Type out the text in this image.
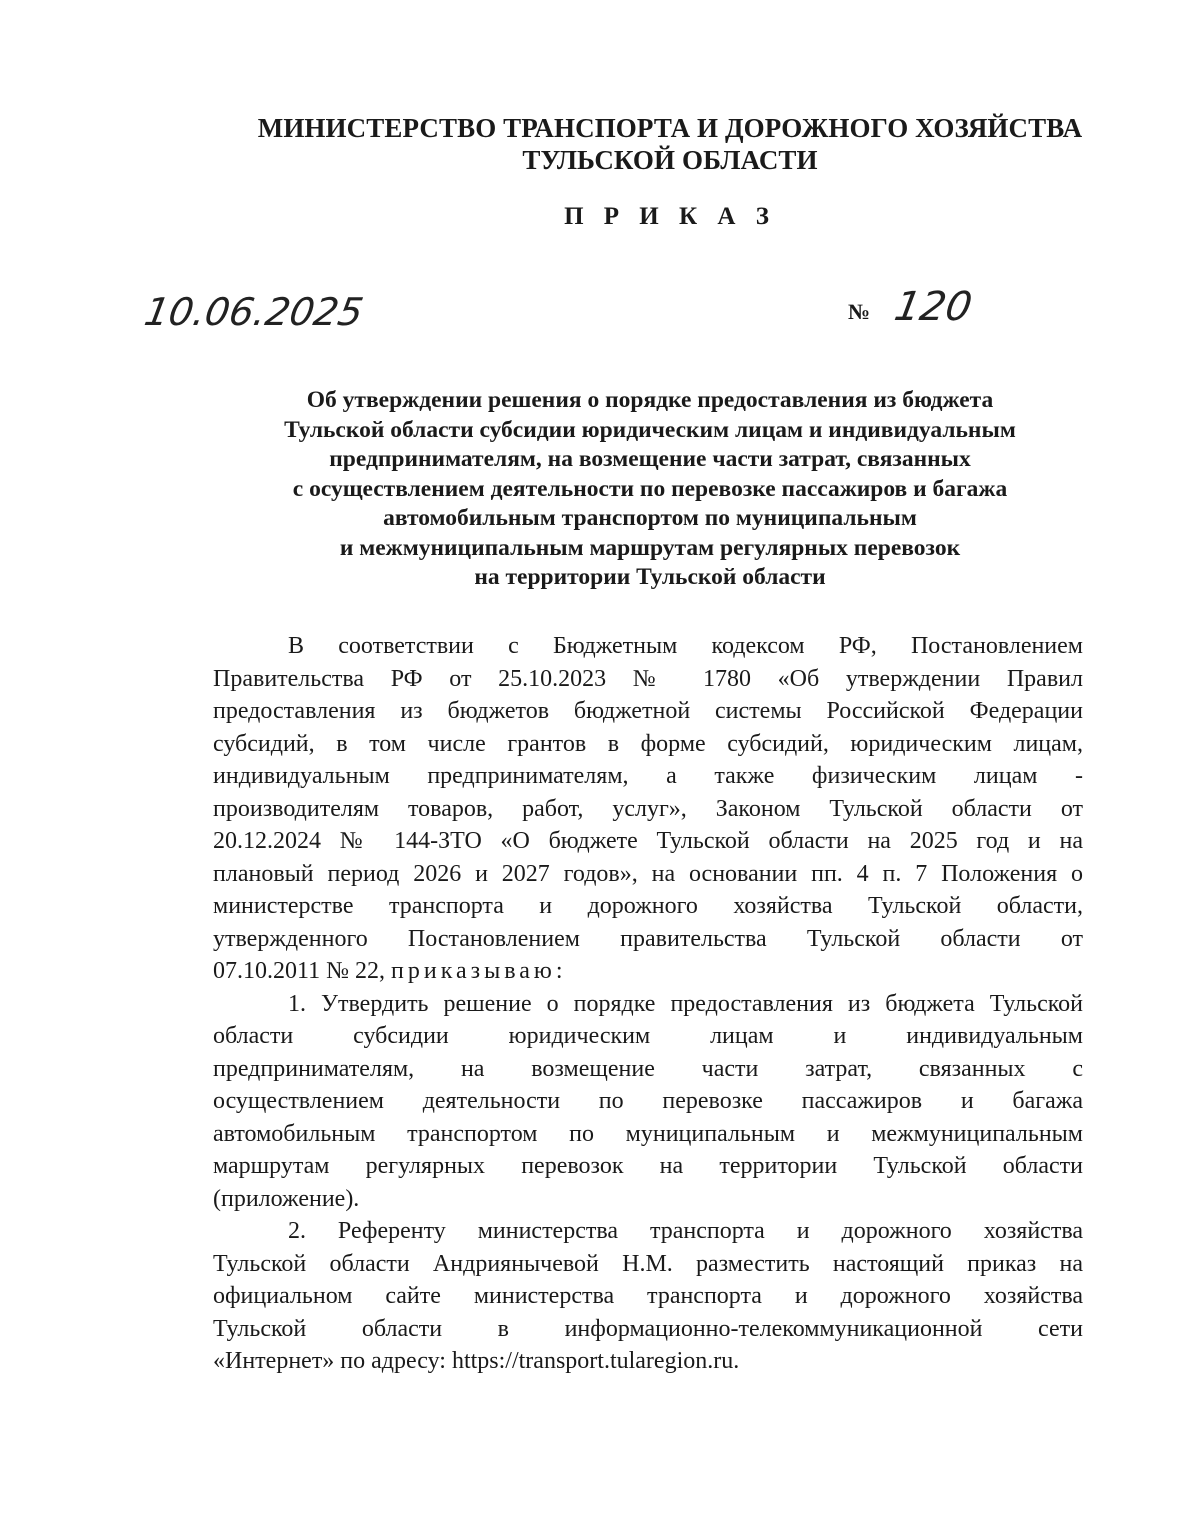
МИНИСТЕРСТВО ТРАНСПОРТА И ДОРОЖНОГО ХОЗЯЙСТВА
ТУЛЬСКОЙ ОБЛАСТИ
П Р И К А З
10.06.2025	№ 120
Об утверждении решения о порядке предоставления из бюджета
Тульской области субсидии юридическим лицам и индивидуальным
предпринимателям, на возмещение части затрат, связанных
с осуществлением деятельности по перевозке пассажиров и багажа
автомобильным транспортом по муниципальным
и межмуниципальным маршрутам регулярных перевозок
на территории Тульской области
В соответствии с Бюджетным кодексом РФ, Постановлением
Правительства РФ от 25.10.2023 № 1780 «Об утверждении Правил
предоставления из бюджетов бюджетной системы Российской Федерации
субсидий, в том числе грантов в форме субсидий, юридическим лицам,
индивидуальным предпринимателям, а также физическим лицам -
производителям товаров, работ, услуг», Законом Тульской области от
20.12.2024 № 144-ЗТО «О бюджете Тульской области на 2025 год и на
плановый период 2026 и 2027 годов», на основании пп. 4 п. 7 Положения о
министерстве транспорта и дорожного хозяйства Тульской области,
утвержденного Постановлением правительства Тульской области от
07.10.2011 № 22, приказываю:
1. Утвердить решение о порядке предоставления из бюджета Тульской
области субсидии юридическим лицам и индивидуальным
предпринимателям, на возмещение части затрат, связанных с
осуществлением деятельности по перевозке пассажиров и багажа
автомобильным транспортом по муниципальным и межмуниципальным
маршрутам регулярных перевозок на территории Тульской области
(приложение).
2. Референту министерства транспорта и дорожного хозяйства
Тульской области Андриянычевой Н.М. разместить настоящий приказ на
официальном сайте министерства транспорта и дорожного хозяйства
Тульской области в информационно-телекоммуникационной сети
«Интернет» по адресу: https://transport.tularegion.ru.
